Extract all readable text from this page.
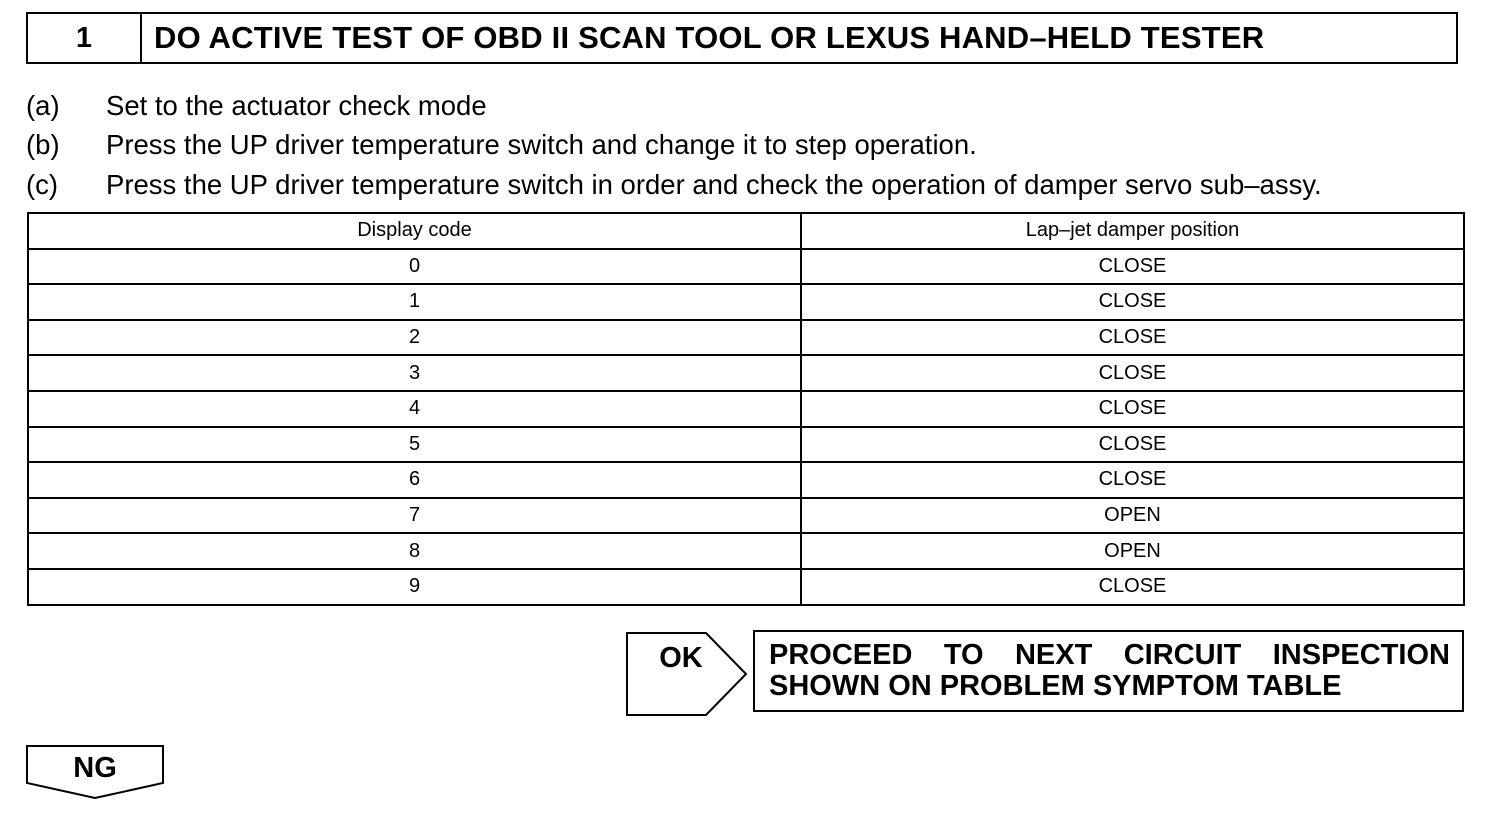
1	DO ACTIVE TEST OF OBD II SCAN TOOL OR LEXUS HAND–HELD TESTER
(a)	Set to the actuator check mode
(b)	Press the UP driver temperature switch and change it to step operation.
(c)	Press the UP driver temperature switch in order and check the operation of damper servo sub–assy.
Display code	Lap–jet damper position
0	CLOSE
1	CLOSE
2	CLOSE
3	CLOSE
4	CLOSE
5	CLOSE
6	CLOSE
7	OPEN
8	OPEN
9	CLOSE
OK	PROCEED TO NEXT CIRCUIT INSPECTION
SHOWN ON PROBLEM SYMPTOM TABLE
NG
